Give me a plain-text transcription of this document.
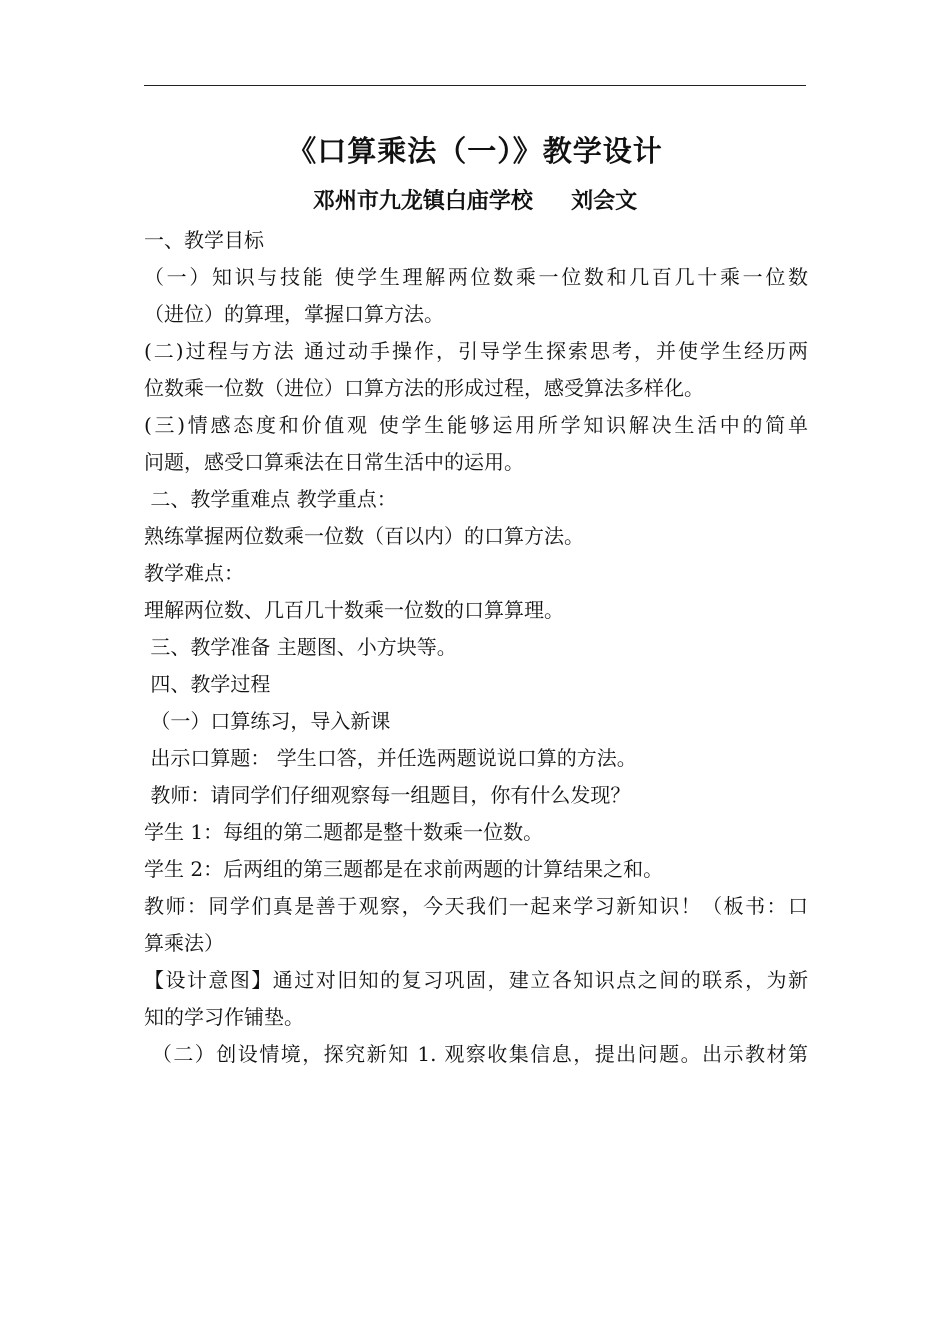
《口算乘法（一）》教学设计
邓州市九龙镇白庙学校     刘会文
一、教学目标
（一）知识与技能 使学生理解两位数乘一位数和几百几十乘一位数
（进位）的算理，掌握口算方法。
(二)过程与方法 通过动手操作，引导学生探索思考，并使学生经历两
位数乘一位数（进位）口算方法的形成过程，感受算法多样化。
(三)情感态度和价值观 使学生能够运用所学知识解决生活中的简单
问题，感受口算乘法在日常生活中的运用。
二、教学重难点 教学重点：
熟练掌握两位数乘一位数（百以内）的口算方法。
教学难点：
理解两位数、几百几十数乘一位数的口算算理。
三、教学准备 主题图、小方块等。
四、教学过程
（一）口算练习，导入新课
出示口算题： 学生口答，并任选两题说说口算的方法。
教师：请同学们仔细观察每一组题目，你有什么发现？
学生 1：每组的第二题都是整十数乘一位数。
学生 2：后两组的第三题都是在求前两题的计算结果之和。
教师：同学们真是善于观察，今天我们一起来学习新知识！（板书：口
算乘法）
【设计意图】通过对旧知的复习巩固，建立各知识点之间的联系，为新
知的学习作铺垫。
（二）创设情境，探究新知 1. 观察收集信息，提出问题。出示教材第
